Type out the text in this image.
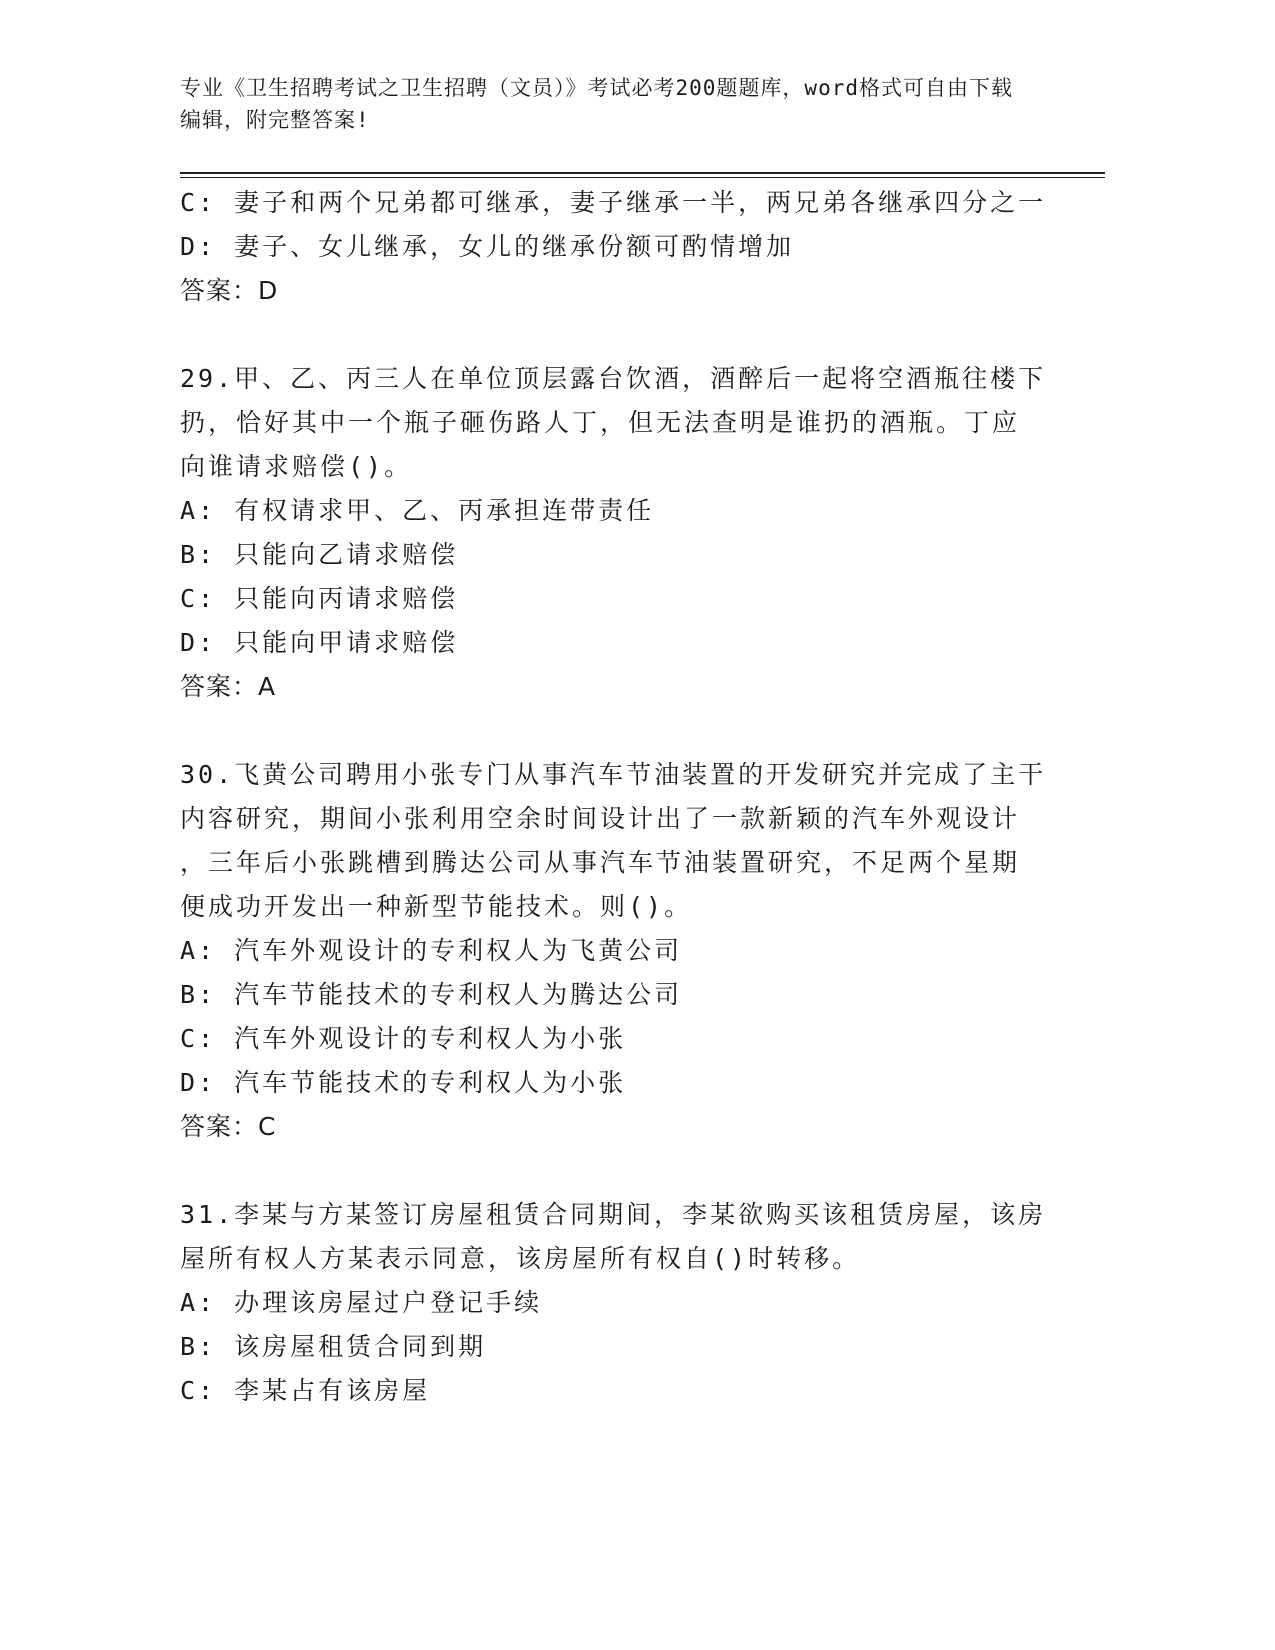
专业《卫生招聘考试之卫生招聘（文员）》考试必考200题题库，word格式可自由下载编辑，附完整答案!
C: 妻子和两个兄弟都可继承，妻子继承一半，两兄弟各继承四分之一
D: 妻子、女儿继承，女儿的继承份额可酌情增加
答案：D
29.甲、乙、丙三人在单位顶层露台饮酒，酒醉后一起将空酒瓶往楼下
扔，恰好其中一个瓶子砸伤路人丁，但无法查明是谁扔的酒瓶。丁应
向谁请求赔偿()。
A: 有权请求甲、乙、丙承担连带责任
B: 只能向乙请求赔偿
C: 只能向丙请求赔偿
D: 只能向甲请求赔偿
答案：A
30.飞黄公司聘用小张专门从事汽车节油装置的开发研究并完成了主干
内容研究，期间小张利用空余时间设计出了一款新颖的汽车外观设计
，三年后小张跳槽到腾达公司从事汽车节油装置研究，不足两个星期
便成功开发出一种新型节能技术。则()。
A: 汽车外观设计的专利权人为飞黄公司
B: 汽车节能技术的专利权人为腾达公司
C: 汽车外观设计的专利权人为小张
D: 汽车节能技术的专利权人为小张
答案：C
31.李某与方某签订房屋租赁合同期间，李某欲购买该租赁房屋，该房
屋所有权人方某表示同意，该房屋所有权自()时转移。
A: 办理该房屋过户登记手续
B: 该房屋租赁合同到期
C: 李某占有该房屋
